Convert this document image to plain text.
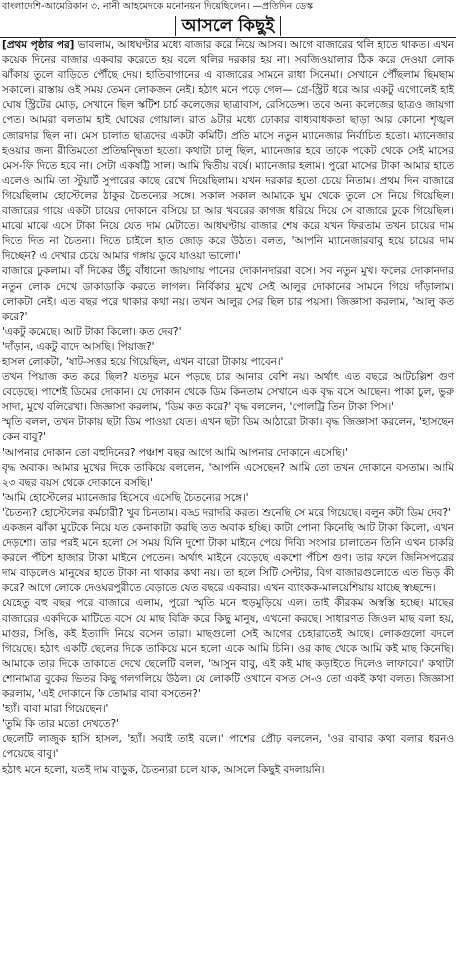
বাংলাদেশি-আমেরিকান ৩. নানী আহমেদকে মনোনয়ন দিয়েছিলেন। —প্রতিদিন ডেস্ক
আসলে কিছুই

[প্রথম পৃষ্ঠার পর] ভাবলাম, আধঘণ্টার মধ্যে বাজার করে নিয়ে আসব। আগে বাজারের থলি হাতে থাকত। এখন কয়েক দিনের বাজার একবার করেতে হয় বলে থলির দরকার হয় না। সবজিওয়ালার ঠিক করে দেওয়া লোক ঝাঁকায় তুলে বাড়িতে পৌঁছে দেয়। হাতিবাগানের এ বাজারের সামনে রাধা সিনেমা। সেখানে পৌঁছলাম ছিমছাম সকালে। রাস্তায় ওই সময় তেমন লোকজন নেই। হঠাৎ মনে পড়ে গেল— গ্রে-স্ট্রিট ধরে আর একটু এগোলেই হাই ঘোষ স্ট্রিটের মোড়, সেখানে ছিল স্কটিশ চার্চ কলেজের ছাত্রাবাস, রেসিডেন্স। তবে অন্য কলেজের ছাত্রও জায়গা পেত। আমরা বলতাম হাই ঘোষের গোয়াল। রাত ৯টার মধ্যে ঢোকার বাধ্যবাধকতা ছাড়া আর কোনো শৃঙ্খল জোরদার ছিল না। মেস চালাত ছাত্রদের একটা কমিটি। প্রতি মাসে নতুন ম্যানেজার নির্বাচিত হতো। ম্যানেজার হওয়ার জন্য রীতিমতো প্রতিদ্বন্দ্বিতা হতো। কথাটা চালু ছিল, ম্যানেজার হবে তাকে পকেট থেকে সেই মাসের মেস-ফি দিতে হবে না। সেটা একষট্টি সাল। আমি দ্বিতীয় বর্ষে। ম্যানেজার হলাম। পুরো মাসের টাকা আমার হাতে এলেও আমি তা স্টুয়ার্ট সুপারের কাছে রেখে দিয়েছিলাম। যখন দরকার হতো চেয়ে নিতাম। প্রথম দিন বাজারে গিয়েছিলাম হোস্টেলের ঠাকুর চৈতন্যের সঙ্গে। সকাল সকাল আমাকে ঘুম থেকে তুলে সে নিয়ে গিয়েছিল। বাজারের গায়ে একটা চায়ের দোকানে বসিয়ে চা আর খবরের কাগজ ধরিয়ে দিয়ে সে বাজারে ঢুকে গিয়েছিল। মাঝে মাঝে এসে টাকা নিয়ে যেত দাম মেটাতে। আধঘণ্টায় বাজার শেষ করে যখন ফিরতাম তখন চায়ের দাম দিতে দিত না চৈতন্য। দিতে চাইলে হাত জোড় করে উঠত। বলত, 'আপনি ম্যানেজারবাবু হয়ে চায়ের দাম দিচ্ছেন? এ দেখার চেয়ে আমার গঙ্গায় ডুবে যাওয়া ভালো।'

বাজারে ঢুকলাম। বাঁ দিকের উঁচু বাঁধানো জায়গায় পানের দোকানদাররা বসে। সব নতুন মুখ। ফলের দোকানদার নতুন লোক দেখে ডাকাডাকি করতে লাগল। নির্বিকার মুখে সেই আলুর দোকানের সামনে গিয়ে দাঁড়ালাম। লোকটা নেই। এত বছর পরে থাকার কথা নয়। তখন আলুর সের ছিল চার পয়সা। জিজ্ঞাসা করলাম, 'আলু কত করে?'

'একটু কমেছে। আট টাকা কিলো। কত দেব?'

'দাঁড়ান, একটু বাদে আসছি। পিয়াজ?'

হাসল লোকটা, 'ষাট-সত্তর হয়ে গিয়েছিল, এখন বারো টাকায় পাবেন।'

তখন পিয়াজ কত করে ছিল? যতদূর মনে পড়ছে চার আনার বেশি নয়। অর্থাৎ এত বছরে আটচল্লিশ গুণ বেড়েছে। পাশেই ডিমের দোকান। যে দোকান থেকে ডিম কিনতাম সেখানে এক বৃদ্ধ বসে আছেন। পাকা চুল, ভুরু সাদা, মুখে বলিরেখা। জিজ্ঞাসা করলাম, 'ডিম কত করে?' বৃদ্ধ বললেন, 'পোলট্রি তিন টাকা পিস।'

স্মৃতি বলল, তখন টাকায় ছটা ডিম পাওয়া যেত। এখন ছটা ডিম আঠারো টাকা। বৃদ্ধ জিজ্ঞাসা করলেন, 'হাসছেন কেন বাবু?'

'আপনার দোকান তো বহুদিনের? পঞ্চাশ বছর আগে আমি আপনার দোকানে এসেছি।'

বৃদ্ধ অবাক। আমার মুখের দিকে তাকিয়ে বললেন, 'আপনি এসেছেন? আমি তো তখন দোকানে বসতাম। আমি ২৩ বছর বয়স থেকে দোকানে বসছি।'

'আমি হোস্টেলের ম্যানেজার হিসেবে এসেছি চৈতন্যের সঙ্গে।'

'চৈতন্য? হোস্টেলের কর্মচারী? খুব চিনতাম। বড্ড দরাদরি করত। শুনেছি সে মরে গিয়েছে। বলুন কটা ডিম দেব?'

একজন ঝাঁকা মুটেকে নিয়ে যত কেনাকাটা করছি তত অবাক হচ্ছি। কাটা পোনা কিনেছি আট টাকা কিলো, এখন দেড়শো। তার পরই মনে হলো সে সময় যিনি দুশো টাকা মাইনে পেয়ে দিব্যি সংসার চালাতেন তিনি এখন চাকরি করলে পঁচিশ হাজার টাকা মাইনে পেতেন। অর্থাৎ মাইনে বেড়েছে একশো পঁচিশ গুণ। তার ফলে জিনিসপত্রের দাম বাড়লেও মানুষের হাতে টাকা না থাকার কথা নয়। তা হলে সিটি সেন্টার, বিগ বাজারগুলোতে এত ভিড় কী করে? আগে লোকে দেওঘরপুরীতে বেড়াতে যেত বছরে একবার। এখন ব্যাংকক-মালয়েশিয়ায় যাচ্ছে স্বচ্ছন্দে।

যেহেতু বহু বছর পরে বাজারে এলাম, পুরো স্মৃতি মনে হুড়মুড়িয়ে এল। তাই কীরকম অস্বস্তি হচ্ছে। মাছের বাজারের একদিকে মাটিতে বসে যে মাছ বিক্রি করে কিছু মানুষ, এখনো করছে। সাধারণত জিওল মাছ বলা হয়, মাগুর, সিঙি, কই ইত্যাদি নিয়ে বসেন তারা। মাছগুলো সেই আগের চেহারাতেই আছে। লোকগুলো বদলে গিয়েছে। হঠাৎ একটি ছেলের দিকে তাকিয়ে মনে হলো একে আমি চিনি। ওর কাছ থেকে আমি কই মাছ কিনেছি। আমাকে তার দিকে তাকাতে দেখে ছেলেটি বলল, 'আসুন বাবু, এই কই মাছ কড়াইতে দিলেও লাফাবে।' কথাটা শোনামাত্র বুকের ভিতর কিছু গলগলিয়ে উঠল। যে লোকটি ওখানে বসত সে-ও তো একই কথা বলত। জিজ্ঞাসা করলাম, 'এই দোকানে কি তোমার বাবা বসতেন?'

'হ্যাঁ। বাবা মারা গিয়েছেন।'

'তুমি কি তার মতো দেখতে?'

ছেলেটি লাজুক হাসি হাসল, 'হ্যাঁ। সবাই তাই বলে।' পাশের প্রৌঢ় বললেন, 'ওর বাবার কথা বলার ধরনও পেয়েছে বাবু।'

হঠাৎ মনে হলো, যতই দাম বাড়ুক, চৈতন্যরা চলে যাক, আসলে কিছুই বদলায়নি।
